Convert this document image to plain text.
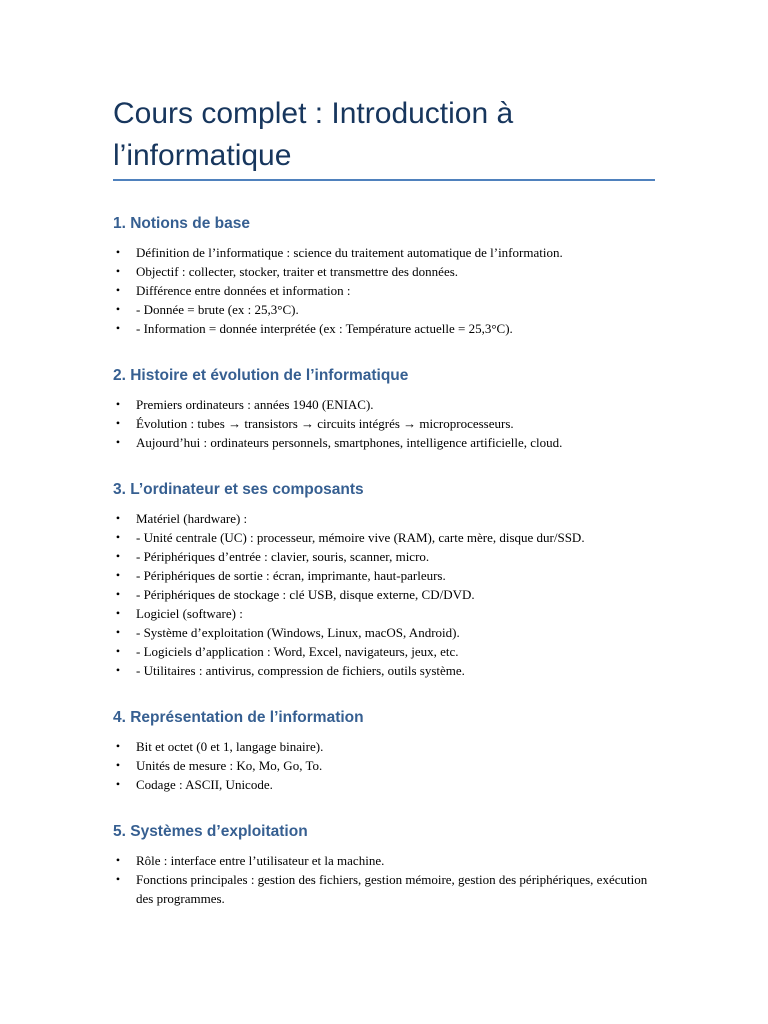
Cours complet : Introduction à l’informatique
1. Notions de base
• Définition de l’informatique : science du traitement automatique de l’information.
• Objectif : collecter, stocker, traiter et transmettre des données.
• Différence entre données et information :
• - Donnée = brute (ex : 25,3°C).
• - Information = donnée interprétée (ex : Température actuelle = 25,3°C).
2. Histoire et évolution de l’informatique
• Premiers ordinateurs : années 1940 (ENIAC).
• Évolution : tubes → transistors → circuits intégrés → microprocesseurs.
• Aujourd’hui : ordinateurs personnels, smartphones, intelligence artificielle, cloud.
3. L’ordinateur et ses composants
• Matériel (hardware) :
• - Unité centrale (UC) : processeur, mémoire vive (RAM), carte mère, disque dur/SSD.
• - Périphériques d’entrée : clavier, souris, scanner, micro.
• - Périphériques de sortie : écran, imprimante, haut-parleurs.
• - Périphériques de stockage : clé USB, disque externe, CD/DVD.
• Logiciel (software) :
• - Système d’exploitation (Windows, Linux, macOS, Android).
• - Logiciels d’application : Word, Excel, navigateurs, jeux, etc.
• - Utilitaires : antivirus, compression de fichiers, outils système.
4. Représentation de l’information
• Bit et octet (0 et 1, langage binaire).
• Unités de mesure : Ko, Mo, Go, To.
• Codage : ASCII, Unicode.
5. Systèmes d’exploitation
• Rôle : interface entre l’utilisateur et la machine.
• Fonctions principales : gestion des fichiers, gestion mémoire, gestion des périphériques, exécution des programmes.
